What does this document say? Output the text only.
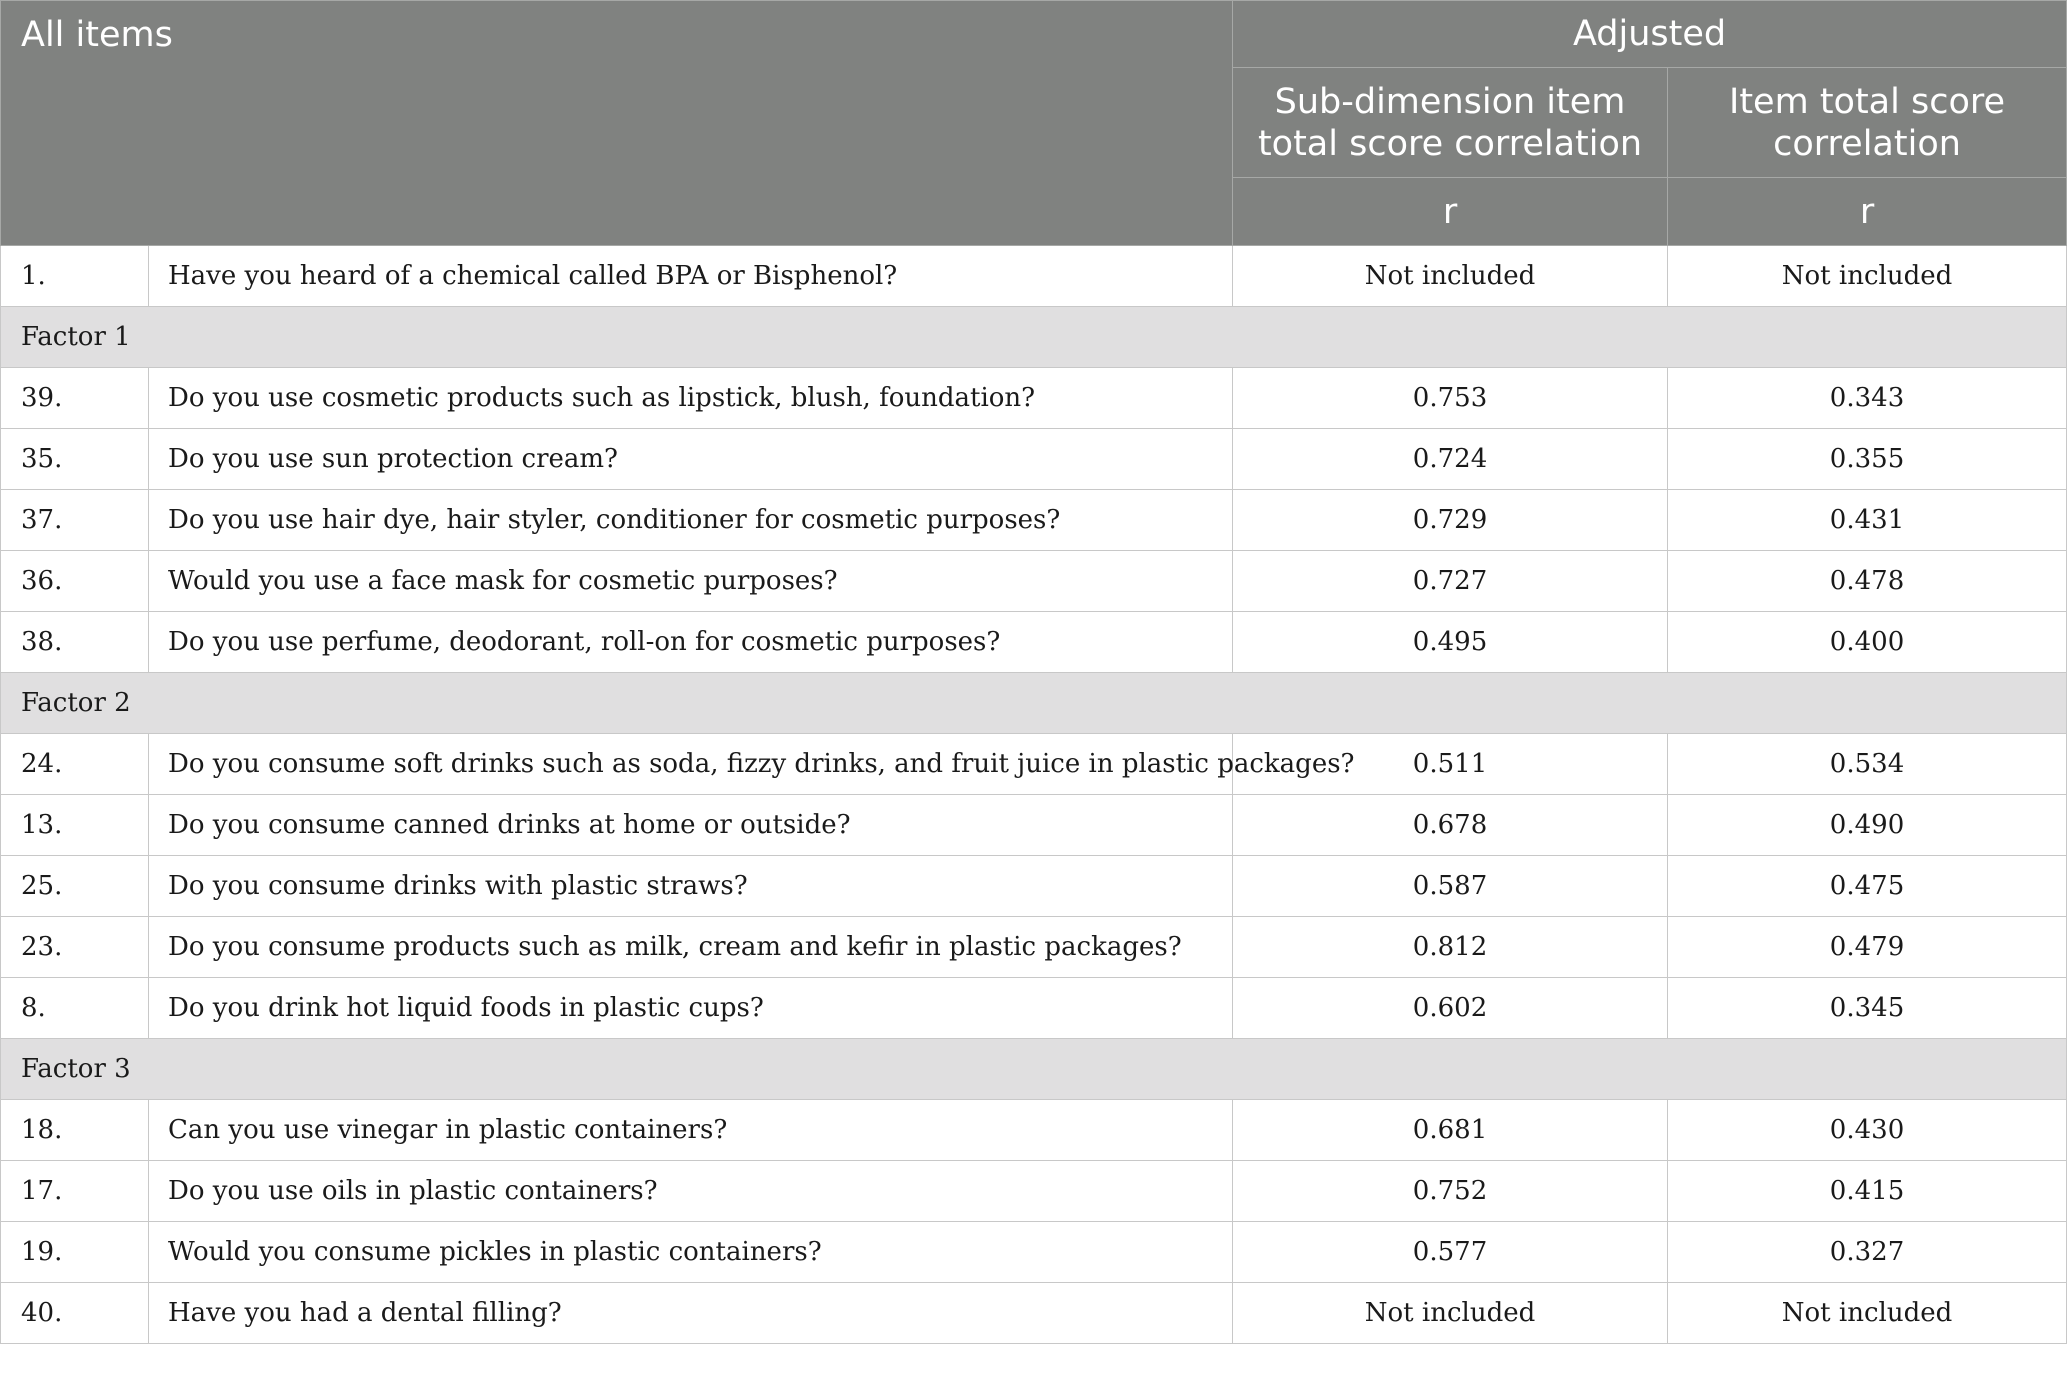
All items		Adjusted	
		Sub-dimension item total score correlation	Item total score correlation
		r	r
1.	Have you heard of a chemical called BPA or Bisphenol?	Not included	Not included
Factor 1			
39.	Do you use cosmetic products such as lipstick, blush, foundation?	0.753	0.343
35.	Do you use sun protection cream?	0.724	0.355
37.	Do you use hair dye, hair styler, conditioner for cosmetic purposes?	0.729	0.431
36.	Would you use a face mask for cosmetic purposes?	0.727	0.478
38.	Do you use perfume, deodorant, roll-on for cosmetic purposes?	0.495	0.400
Factor 2			
24.	Do you consume soft drinks such as soda, fizzy drinks, and fruit juice in plastic packages?	0.511	0.534
13.	Do you consume canned drinks at home or outside?	0.678	0.490
25.	Do you consume drinks with plastic straws?	0.587	0.475
23.	Do you consume products such as milk, cream and kefir in plastic packages?	0.812	0.479
8.	Do you drink hot liquid foods in plastic cups?	0.602	0.345
Factor 3			
18.	Can you use vinegar in plastic containers?	0.681	0.430
17.	Do you use oils in plastic containers?	0.752	0.415
19.	Would you consume pickles in plastic containers?	0.577	0.327
40.	Have you had a dental filling?	Not included	Not included
